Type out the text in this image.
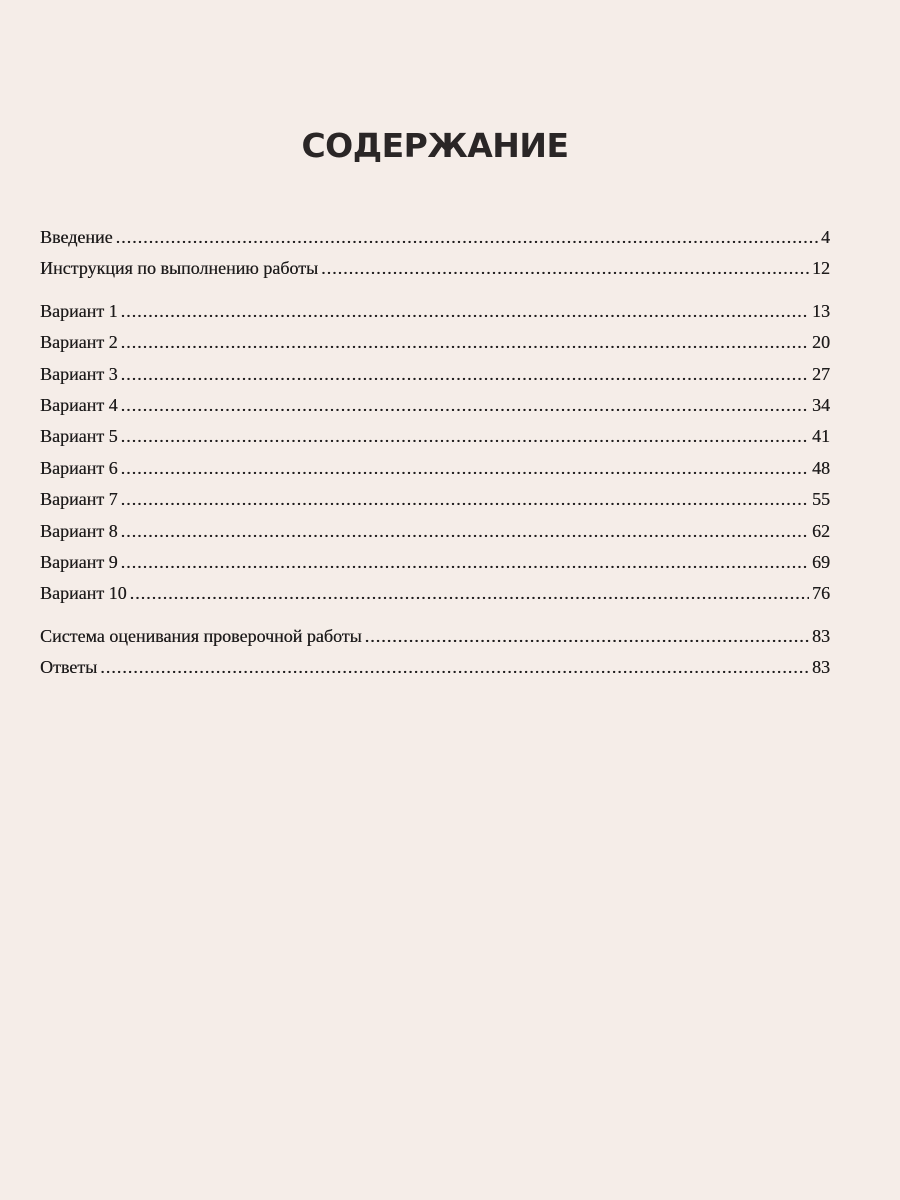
СОДЕРЖАНИЕ
Введение .....	4
Инструкция по выполнению работы .....	12
Вариант 1 .....	13
Вариант 2 .....	20
Вариант 3 .....	27
Вариант 4 .....	34
Вариант 5 .....	41
Вариант 6 .....	48
Вариант 7 .....	55
Вариант 8 .....	62
Вариант 9 .....	69
Вариант 10 .....	76
Система оценивания проверочной работы .....	83
Ответы .....	83
